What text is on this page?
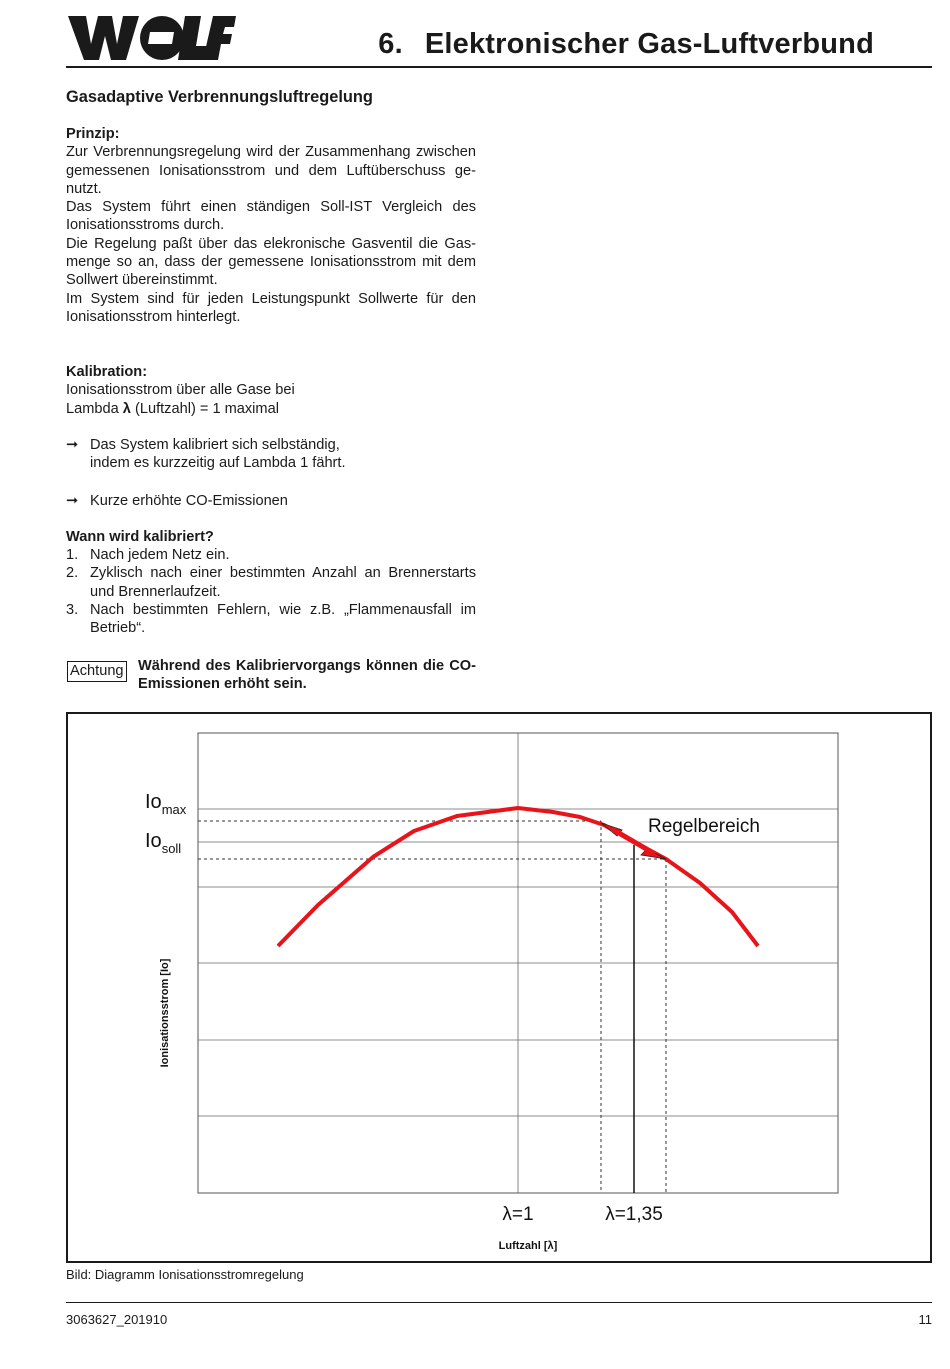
WOLF
6. Elektronischer Gas-Luftverbund
Gasadaptive Verbrennungsluftregelung
Prinzip:
Zur Verbrennungsregelung wird der Zusammenhang zwischen gemessenen Ionisationsstrom und dem Luftüberschuss ge-nutzt.
Das System führt einen ständigen Soll-IST Vergleich des Ionisationsstroms durch.
Die Regelung paßt über das elekronische Gasventil die Gas-menge so an, dass der gemessene Ionisationsstrom mit dem Sollwert übereinstimmt.
Im System sind für jeden Leistungspunkt Sollwerte für den Ionisationsstrom hinterlegt.
Kalibration:
Ionisationsstrom über alle Gase bei
Lambda λ (Luftzahl) = 1 maximal
➞ Das System kalibriert sich selbständig, indem es kurzzeitig auf Lambda 1 fährt.
➞ Kurze erhöhte CO-Emissionen
Wann wird kalibriert?
1. Nach jedem Netz ein.
2. Zyklisch nach einer bestimmten Anzahl an Brennerstarts und Brennerlaufzeit.
3. Nach bestimmten Fehlern, wie z.B. „Flammenausfall im Betrieb“.
Achtung Während des Kalibriervorgangs können die CO-Emissionen erhöht sein.
Regelbereich
$Io_{max}$
$Io_{soll}$
λ=1	λ=1,35
Luftzahl [λ]
Ionisationsstrom [Io]
Bild: Diagramm Ionisationsstromregelung
3063627_201910	11
